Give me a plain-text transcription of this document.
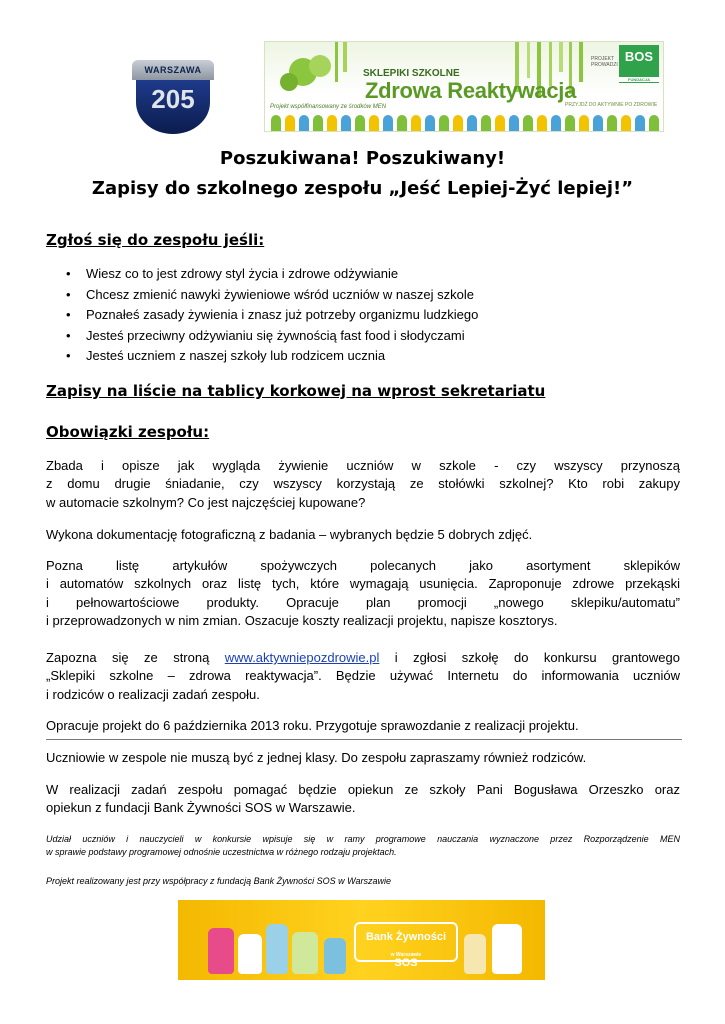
WARSZAWA
205
SKLEPIKI SZKOLNE
Zdrowa Reaktywacja
PROJEKT PROWADZI
BOS
FUNDACJA
Projekt współfinansowany ze środków MEN	PRZYJDŹ DO AKTYWNIE PO ZDROWIE
Poszukiwana! Poszukiwany!
Zapisy do szkolnego zespołu „Jeść Lepiej-Żyć lepiej!”
Zgłoś się do zespołu jeśli:
• Wiesz co to jest zdrowy styl życia i zdrowe odżywianie
• Chcesz zmienić nawyki żywieniowe wśród uczniów w naszej szkole
• Poznałeś zasady żywienia i znasz już potrzeby organizmu ludzkiego
• Jesteś przeciwny odżywianiu się żywnością fast food i słodyczami
• Jesteś uczniem z naszej szkoły lub rodzicem ucznia
Zapisy na liście na tablicy korkowej na wprost sekretariatu
Obowiązki zespołu:
Zbada i opisze jak wygląda żywienie uczniów w szkole - czy wszyscy przynoszą
z domu drugie śniadanie, czy wszyscy korzystają ze stołówki szkolnej? Kto robi zakupy
w automacie szkolnym? Co jest najczęściej kupowane?
Wykona dokumentację fotograficzną z badania – wybranych będzie 5 dobrych zdjęć.
Pozna listę artykułów spożywczych polecanych jako asortyment sklepików
i automatów szkolnych oraz listę tych, które wymagają usunięcia. Zaproponuje zdrowe przekąski
i pełnowartościowe produkty. Opracuje plan promocji „nowego sklepiku/automatu”
i przeprowadzonych w nim zmian. Oszacuje koszty realizacji projektu, napisze kosztorys.
Zapozna się ze stroną www.aktywniepozdrowie.pl i zgłosi szkołę do konkursu grantowego
„Sklepiki szkolne – zdrowa reaktywacja”. Będzie używać Internetu do informowania uczniów
i rodziców o realizacji zadań zespołu.
Opracuje projekt do 6 października 2013 roku. Przygotuje sprawozdanie z realizacji projektu.
Uczniowie w zespole nie muszą być z jednej klasy. Do zespołu zapraszamy również rodziców.
W realizacji zadań zespołu pomagać będzie opiekun ze szkoły Pani Bogusława Orzeszko oraz
opiekun z fundacji Bank Żywności SOS w Warszawie.
Udział uczniów i nauczycieli w konkursie wpisuje się w ramy programowe nauczania wyznaczone przez Rozporządzenie MEN
w sprawie podstawy programowej odnośnie uczestnictwa w różnego rodzaju projektach.
Projekt realizowany jest przy współpracy z fundacją Bank Żywności SOS w Warszawie
Bank Żywności SOS
w Warszawie
